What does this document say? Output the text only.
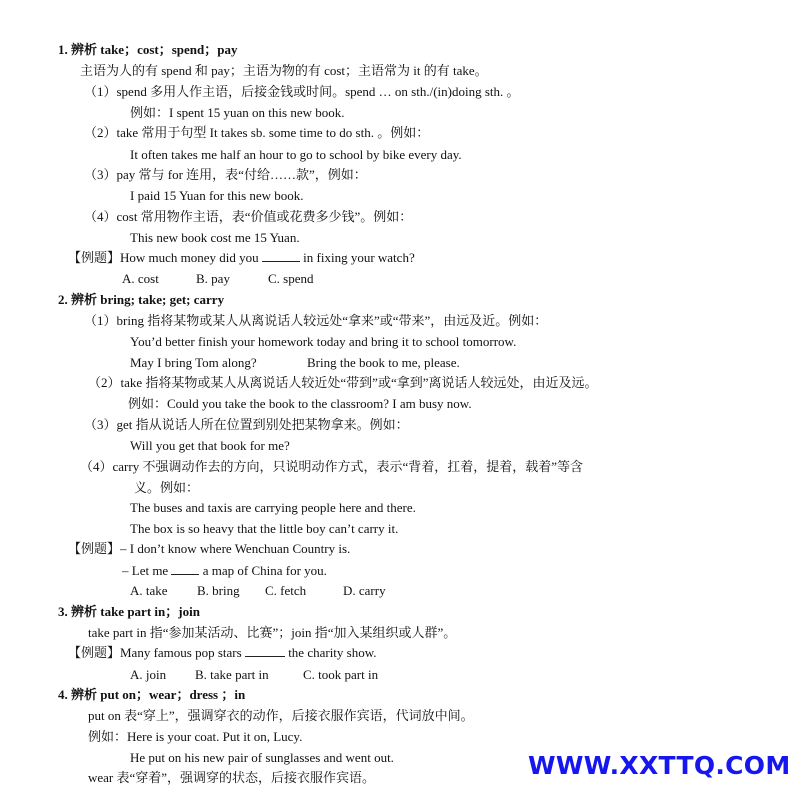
1. 辨析 take；cost；spend；pay
主语为人的有 spend 和 pay；主语为物的有 cost；主语常为 it 的有 take。
（1）spend 多用人作主语，后接金钱或时间。spend … on sth./(in)doing sth. 。
例如：I spent 15 yuan on this new book.
（2）take 常用于句型 It takes sb. some time to do sth. 。例如：
It often takes me half an hour to go to school by bike every day.
（3）pay 常与 for 连用，表“付给……款”，例如：
I paid 15 Yuan for this new book.
（4）cost 常用物作主语，表“价值或花费多少钱”。例如：
This new book cost me 15 Yuan.
【例题】How much money did you	in fixing your watch?
A. cost	B. pay	C. spend
2. 辨析 bring; take; get; carry
（1）bring 指将某物或某人从离说话人较远处“拿来”或“带来”，由远及近。例如：
You’d better finish your homework today and bring it to school tomorrow.
May I bring Tom along?	Bring the book to me, please.
（2）take 指将某物或某人从离说话人较近处“带到”或“拿到”离说话人较远处，由近及远。
例如：Could you take the book to the classroom? I am busy now.
（3）get 指从说话人所在位置到别处把某物拿来。例如：
Will you get that book for me?
（4）carry 不强调动作去的方向，只说明动作方式，表示“背着，扛着，提着，载着”等含
义。例如：
The buses and taxis are carrying people here and there.
The box is so heavy that the little boy can’t carry it.
【例题】– I don’t know where Wenchuan Country is.
– Let me	a map of China for you.
A. take B. bring C. fetch	D. carry
3. 辨析 take part in；join
take part in 指“参加某活动、比赛”；join 指“加入某组织或人群”。
【例题】Many famous pop stars	the charity show.
A. join B. take part in	C. took part in
4. 辨析 put on；wear；dress ；in
put on 表“穿上”，强调穿衣的动作，后接衣服作宾语，代词放中间。
例如：Here is your coat. Put it on, Lucy.
He put on his new pair of sunglasses and went out.
wear 表“穿着”，强调穿的状态，后接衣服作宾语。	WWW.XXTTQ.COM
